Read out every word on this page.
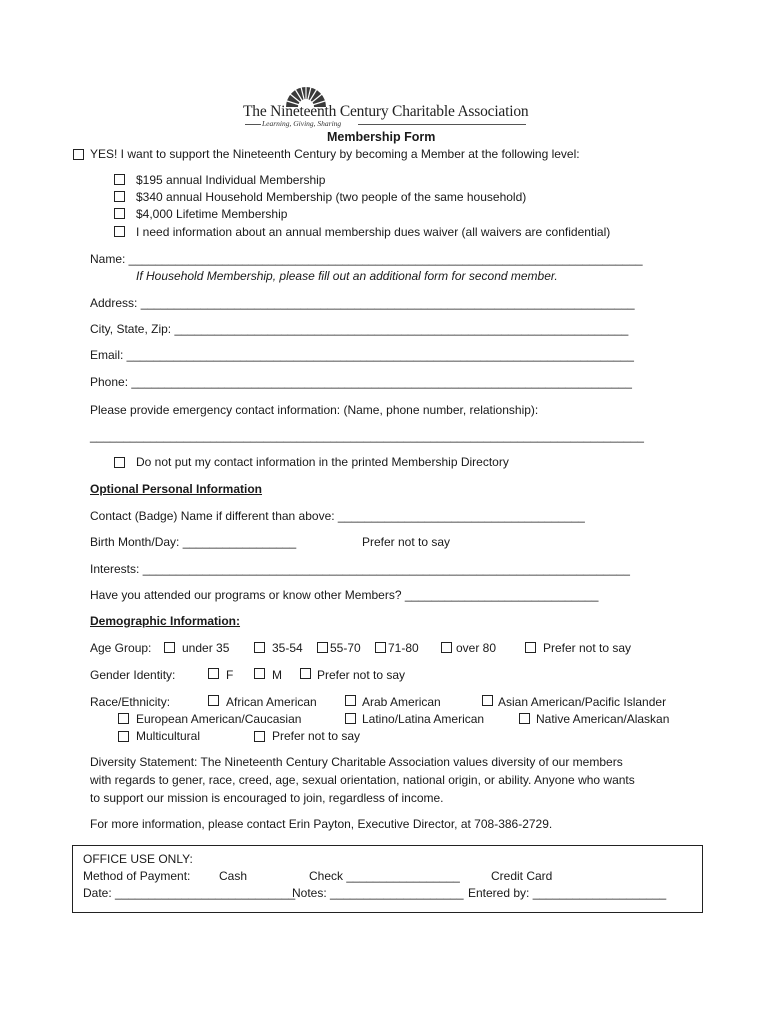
The Nineteenth Century Charitable Association
Learning, Giving, Sharing
Membership Form
YES! I want to support the Nineteenth Century by becoming a Member at the following level:
$195 annual Individual Membership
$340 annual Household Membership (two people of the same household)
$4,000 Lifetime Membership
I need information about an annual membership dues waiver (all waivers are confidential)
Name: _____________________________________________________________________________
If Household Membership, please fill out an additional form for second member.
Address: __________________________________________________________________________
City, State, Zip: ____________________________________________________________________
Email: ____________________________________________________________________________
Phone: ___________________________________________________________________________
Please provide emergency contact information: (Name, phone number, relationship):
___________________________________________________________________________________
Do not put my contact information in the printed Membership Directory
Optional Personal Information
Contact (Badge) Name if different than above: _____________________________________
Birth Month/Day: _________________	Prefer not to say
Interests: _________________________________________________________________________
Have you attended our programs or know other Members? _____________________________
Demographic Information:
Age Group:	under 35	35-54 55-70 71-80	over 80	Prefer not to say
Gender Identity:	F	M	Prefer not to say
Race/Ethnicity:	African American	Arab American	Asian American/Pacific Islander
European American/Caucasian	Latino/Latina American	Native American/Alaskan
Multicultural	Prefer not to say
Diversity Statement: The Nineteenth Century Charitable Association values diversity of our members
with regards to gener, race, creed, age, sexual orientation, national origin, or ability. Anyone who wants
to support our mission is encouraged to join, regardless of income.
For more information, please contact Erin Payton, Executive Director, at 708-386-2729.
OFFICE USE ONLY:
Method of Payment: Cash	Check _________________	Credit Card
Date: ___________________________
Notes: ____________________ Entered by: ____________________
